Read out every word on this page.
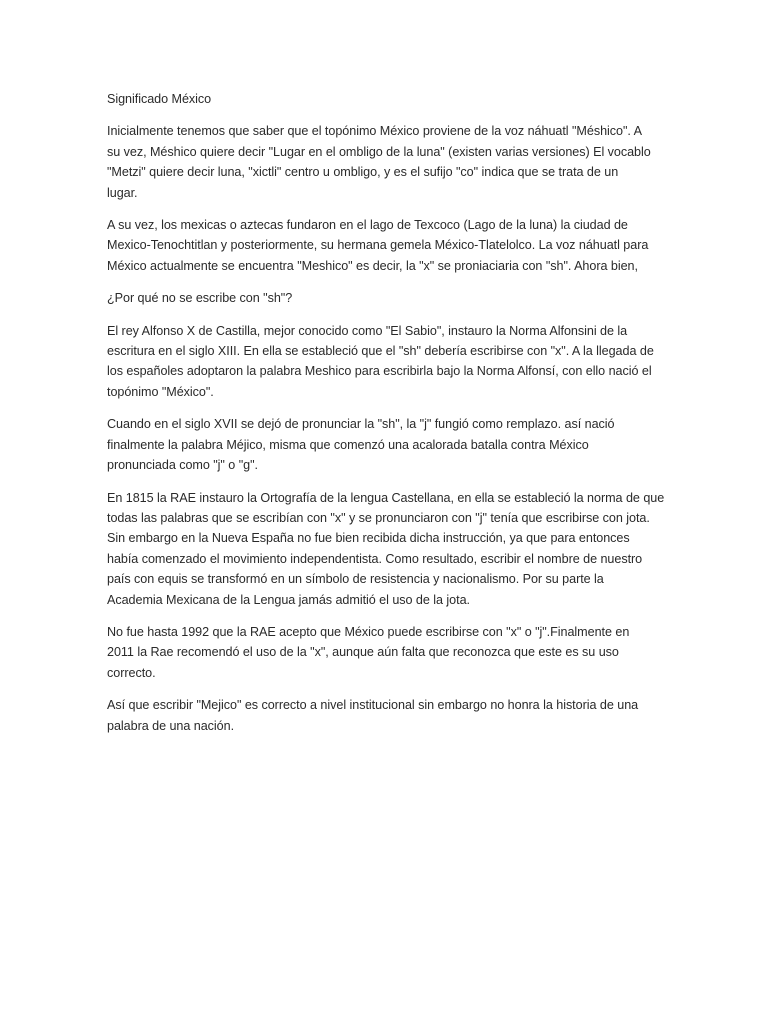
Significado México

Inicialmente tenemos que saber que el topónimo México proviene de la voz náhuatl "Méshico". A
su vez, Méshico quiere decir "Lugar en el ombligo de la luna" (existen varias versiones) El vocablo
"Metzi" quiere decir luna, "xictli" centro u ombligo, y es el sufijo "co" indica que se trata de un
lugar.

A su vez, los mexicas o aztecas fundaron en el lago de Texcoco (Lago de la luna) la ciudad de
Mexico-Tenochtitlan y posteriormente, su hermana gemela México-Tlatelolco. La voz náhuatl para
México actualmente se encuentra "Meshico" es decir, la "x" se proniaciaria con "sh". Ahora bien,

¿Por qué no se escribe con "sh"?

El rey Alfonso X de Castilla, mejor conocido como "El Sabio", instauro la Norma Alfonsini de la
escritura en el siglo XIII. En ella se estableció que el "sh" debería escribirse con "x". A la llegada de
los españoles adoptaron la palabra Meshico para escribirla bajo la Norma Alfonsí, con ello nació el
topónimo "México".

Cuando en el siglo XVII se dejó de pronunciar la "sh", la "j" fungió como remplazo. así nació
finalmente la palabra Méjico, misma que comenzó una acalorada batalla contra México
pronunciada como "j" o "g".

En 1815 la RAE instauro la Ortografía de la lengua Castellana, en ella se estableció la norma de que
todas las palabras que se escribían con "x" y se pronunciaron con "j" tenía que escribirse con jota.
Sin embargo en la Nueva España no fue bien recibida dicha instrucción, ya que para entonces
había comenzado el movimiento independentista. Como resultado, escribir el nombre de nuestro
país con equis se transformó en un símbolo de resistencia y nacionalismo. Por su parte la
Academia Mexicana de la Lengua jamás admitió el uso de la jota.

No fue hasta 1992 que la RAE acepto que México puede escribirse con "x" o "j".Finalmente en
2011 la Rae recomendó el uso de la "x", aunque aún falta que reconozca que este es su uso
correcto.

Así que escribir "Mejico" es correcto a nivel institucional sin embargo no honra la historia de una
palabra de una nación.
